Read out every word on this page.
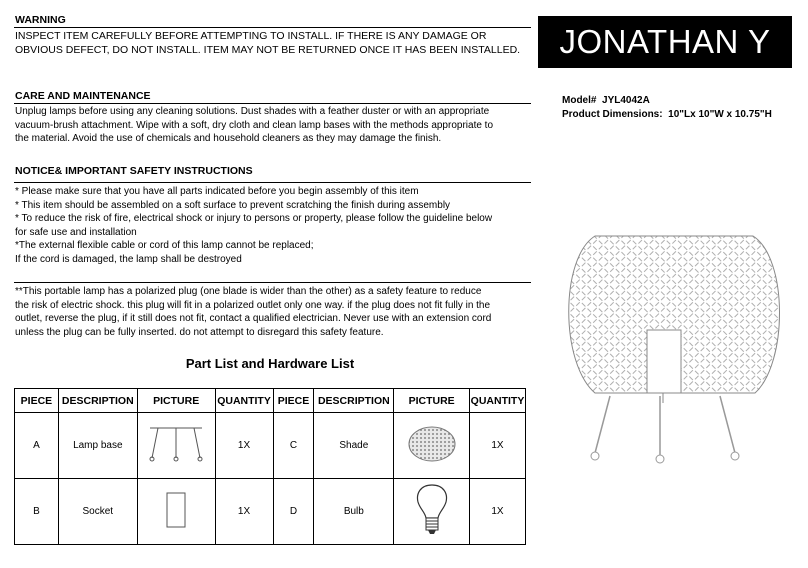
WARNING
INSPECT ITEM CAREFULLY BEFORE ATTEMPTING TO INSTALL. IF THERE IS ANY DAMAGE OR
OBVIOUS DEFECT, DO NOT INSTALL. ITEM MAY NOT BE RETURNED ONCE IT HAS BEEN INSTALLED.	JONATHAN Y
Model# JYL4042A
Product Dimensions: 10"Lx 10"W x 10.75"H
CARE AND MAINTENANCE
Unplug lamps before using any cleaning solutions. Dust shades with a feather duster or with an appropriate
vacuum-brush attachment. Wipe with a soft, dry cloth and clean lamp bases with the methods appropriate to
the material. Avoid the use of chemicals and household cleaners as they may damage the finish.
NOTICE& IMPORTANT SAFETY INSTRUCTIONS
* Please make sure that you have all parts indicated before you begin assembly of this item
* This item should be assembled on a soft surface to prevent scratching the finish during assembly
* To reduce the risk of fire, electrical shock or injury to persons or property, please follow the guideline below
for safe use and installation
*The external flexible cable or cord of this lamp cannot be replaced;
If the cord is damaged, the lamp shall be destroyed
**This portable lamp has a polarized plug (one blade is wider than the other) as a safety feature to reduce
the risk of electric shock. this plug will fit in a polarized outlet only one way. if the plug does not fit fully in the
outlet, reverse the plug, if it still does not fit, contact a qualified electrician. Never use with an extension cord
unless the plug can be fully inserted. do not attempt to disregard this safety feature.
Part List and Hardware List
PIECE	DESCRIPTION	PICTURE	QUANTITY	PIECE	DESCRIPTION	PICTURE	QUANTITY
A	Lamp base		1X	C	Shade		1X
B	Socket		1X	D	Bulb		1X
